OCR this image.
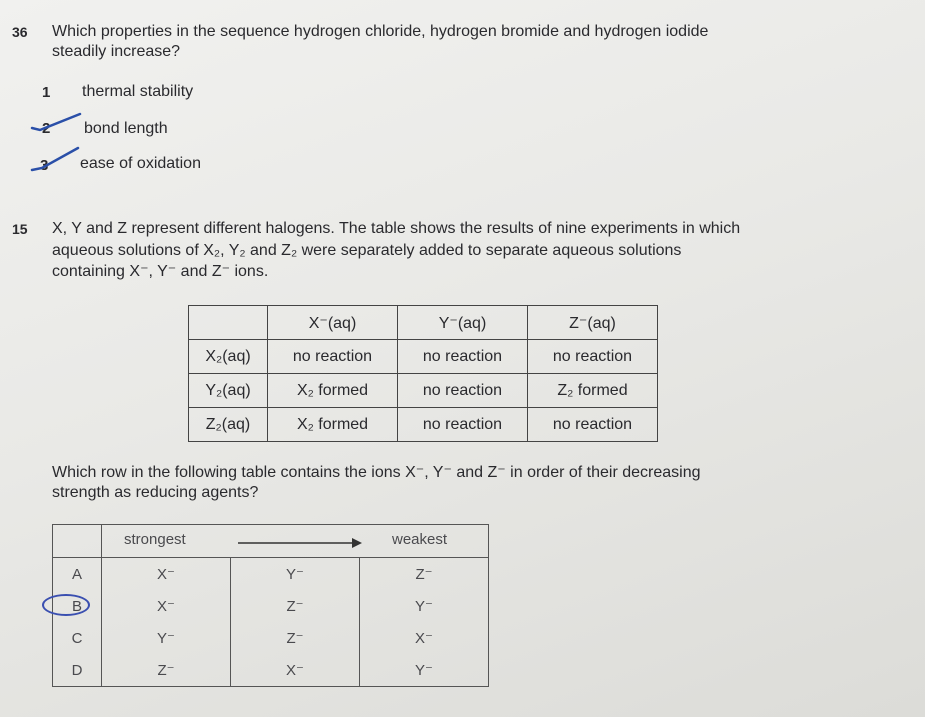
36 Which properties in the sequence hydrogen chloride, hydrogen bromide and hydrogen iodide
steadily increase?
1 thermal stability
2 bond length
3 ease of oxidation
15 X, Y and Z represent different halogens. The table shows the results of nine experiments in which
aqueous solutions of X₂, Y₂ and Z₂ were separately added to separate aqueous solutions
containing X⁻, Y⁻ and Z⁻ ions.
	X⁻(aq)	Y⁻(aq)	Z⁻(aq)
X₂(aq)	no reaction	no reaction	no reaction
Y₂(aq)	X₂ formed	no reaction	Z₂ formed
Z₂(aq)	X₂ formed	no reaction	no reaction
Which row in the following table contains the ions X⁻, Y⁻ and Z⁻ in order of their decreasing
strength as reducing agents?

	strongest weakest		

A	X⁻	Y⁻	Z⁻
B	X⁻	Z⁻	Y⁻
C	Y⁻	Z⁻	X⁻
D	Z⁻	X⁻	Y⁻
